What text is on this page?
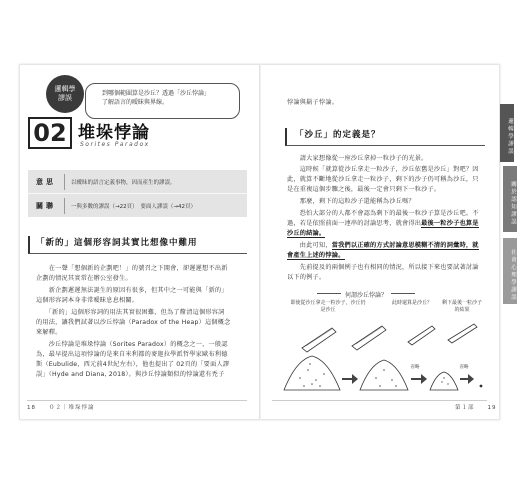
邏輯學
謬誤
到哪個範圍算是沙丘？透過「沙丘悖論」
了解語言的曖昧與界線。
02 堆垛悖論
Sorites Paradox
意思	以曖昧的語言定義事物，因而產生的謬誤。
關聯	一與多數的謬誤（→22頁）　要面人謬誤（→42頁）
「新的」這個形容詞其實比想像中難用
　　在一聲「想個新的企劃吧！」的號召之下開會，卻遲遲想不出新
企劃的情況其實常在辦公室發生。
　　新企劃遲遲無法誕生的原因有很多，但其中之一可能與「新的」
這個形容詞本身非常曖昧息息相關。
　　「新的」這個形容詞的用法其實很困難，但為了釐清這個形容詞
的用法，讓我們試著以沙丘悖論（Paradox of the Heap）這個概念
來解釋。
　　沙丘悖論是堆垛悖論（Sorites Paradox）的概念之一，一般認
為，最早提出這項悖論的是來自米利都的麥迦拉學派哲學家歐布利德
斯（Eubulide，西元前4世紀左右），他也提出了 02頁的「要面人謬
誤」（Hyde and Diana, 2018）。與沙丘悖論類似的悖論還有禿子
18　　０２｜堆垛悖論
悖論與鬍子悖論。
「沙丘」的定義是？
　　請大家想像從一座沙丘拿掉一粒沙子的光景。
　　這時候「就算從沙丘拿走一粒沙子，沙丘依舊是沙丘」對吧？因
此，就算不斷地從沙丘拿走一粒沙子，剩下的沙子仍可稱為沙丘，只
是在重複這個步驟之後，最後一定會只剩下一粒沙子。
　　那麼，剩下的這粒沙子還能稱為沙丘嗎？
　　恐怕大部分的人都不會認為剩下的最後一粒沙子算是沙丘吧。不
過，若是依照前面一連串的討論思考，就會得出最後一粒沙子也算是
沙丘的結論。
　　由此可知，當我們以正確的方式討論意思模糊不清的詞彙時，就
會產生上述的悖論。
　　先前提及的兩個例子也有相同的情況，所以接下來也要試著討論
以下的例子。
何謂沙丘悖論？
即使從沙丘拿走一粒沙子，沙丘仍是沙丘
此時還算是沙丘？	剩下最後一粒沙子的結果
省略	省略
邏輯學謬誤
關於認知謬誤
社會心理學謬誤
第１部　　19
